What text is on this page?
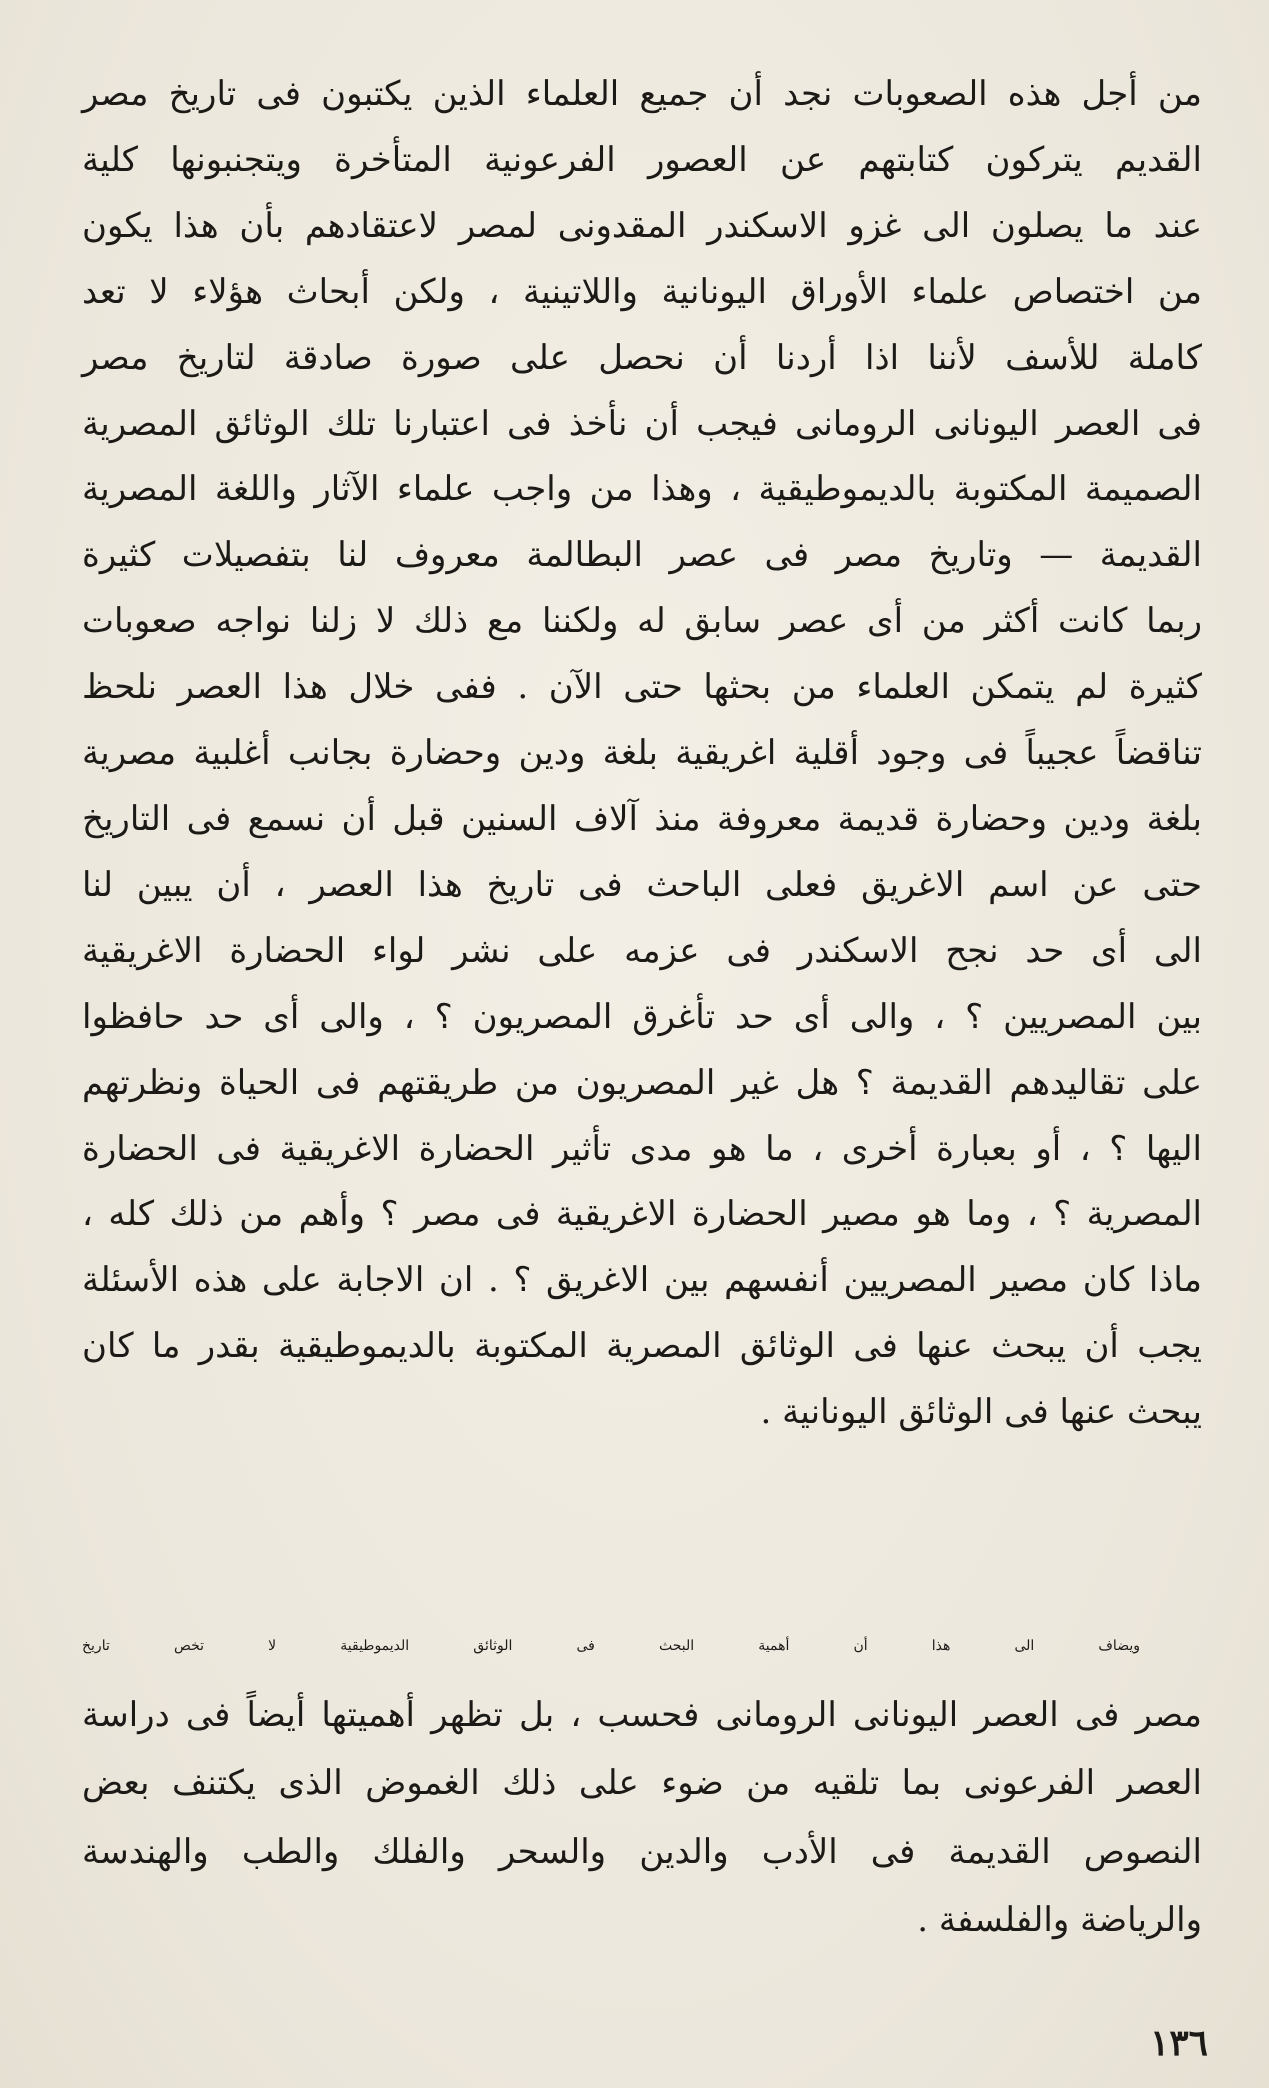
من أجل هذه الصعوبات نجد أن جميع العلماء الذين يكتبون فى تاريخ مصر
القديم يتركون كتابتهم عن العصور الفرعونية المتأخرة ويتجنبونها كلية
عند ما يصلون الى غزو الاسكندر المقدونى لمصر لاعتقادهم بأن هذا يكون
من اختصاص علماء الأوراق اليونانية واللاتينية ، ولكن أبحاث هؤلاء لا تعد
كاملة للأسف لأننا اذا أردنا أن نحصل على صورة صادقة لتاريخ مصر
فى العصر اليونانى الرومانى فيجب أن نأخذ فى اعتبارنا تلك الوثائق المصرية
الصميمة المكتوبة بالديموطيقية ، وهذا من واجب علماء الآثار واللغة المصرية
القديمة — وتاريخ مصر فى عصر البطالمة معروف لنا بتفصيلات كثيرة
ربما كانت أكثر من أى عصر سابق له ولكننا مع ذلك لا زلنا نواجه صعوبات
كثيرة لم يتمكن العلماء من بحثها حتى الآن . ففى خلال هذا العصر نلحظ
تناقضاً عجيباً فى وجود أقلية اغريقية بلغة ودين وحضارة بجانب أغلبية مصرية
بلغة ودين وحضارة قديمة معروفة منذ آلاف السنين قبل أن نسمع فى التاريخ
حتى عن اسم الاغريق فعلى الباحث فى تاريخ هذا العصر ، أن يبين لنا
الى أى حد نجح الاسكندر فى عزمه على نشر لواء الحضارة الاغريقية
بين المصريين ؟ ، والى أى حد تأغرق المصريون ؟ ، والى أى حد حافظوا
على تقاليدهم القديمة ؟ هل غير المصريون من طريقتهم فى الحياة ونظرتهم
اليها ؟ ، أو بعبارة أخرى ، ما هو مدى تأثير الحضارة الاغريقية فى الحضارة
المصرية ؟ ، وما هو مصير الحضارة الاغريقية فى مصر ؟ وأهم من ذلك كله ،
ماذا كان مصير المصريين أنفسهم بين الاغريق ؟ . ان الاجابة على هذه الأسئلة
يجب أن يبحث عنها فى الوثائق المصرية المكتوبة بالديموطيقية بقدر ما كان
يبحث عنها فى الوثائق اليونانية .
ويضاف الى هذا أن أهمية البحث فى الوثائق الديموطيقية لا تخص تاريخ
مصر فى العصر اليونانى الرومانى فحسب ، بل تظهر أهميتها أيضاً فى دراسة
العصر الفرعونى بما تلقيه من ضوء على ذلك الغموض الذى يكتنف بعض
النصوص القديمة فى الأدب والدين والسحر والفلك والطب والهندسة
والرياضة والفلسفة .
١٣٦
